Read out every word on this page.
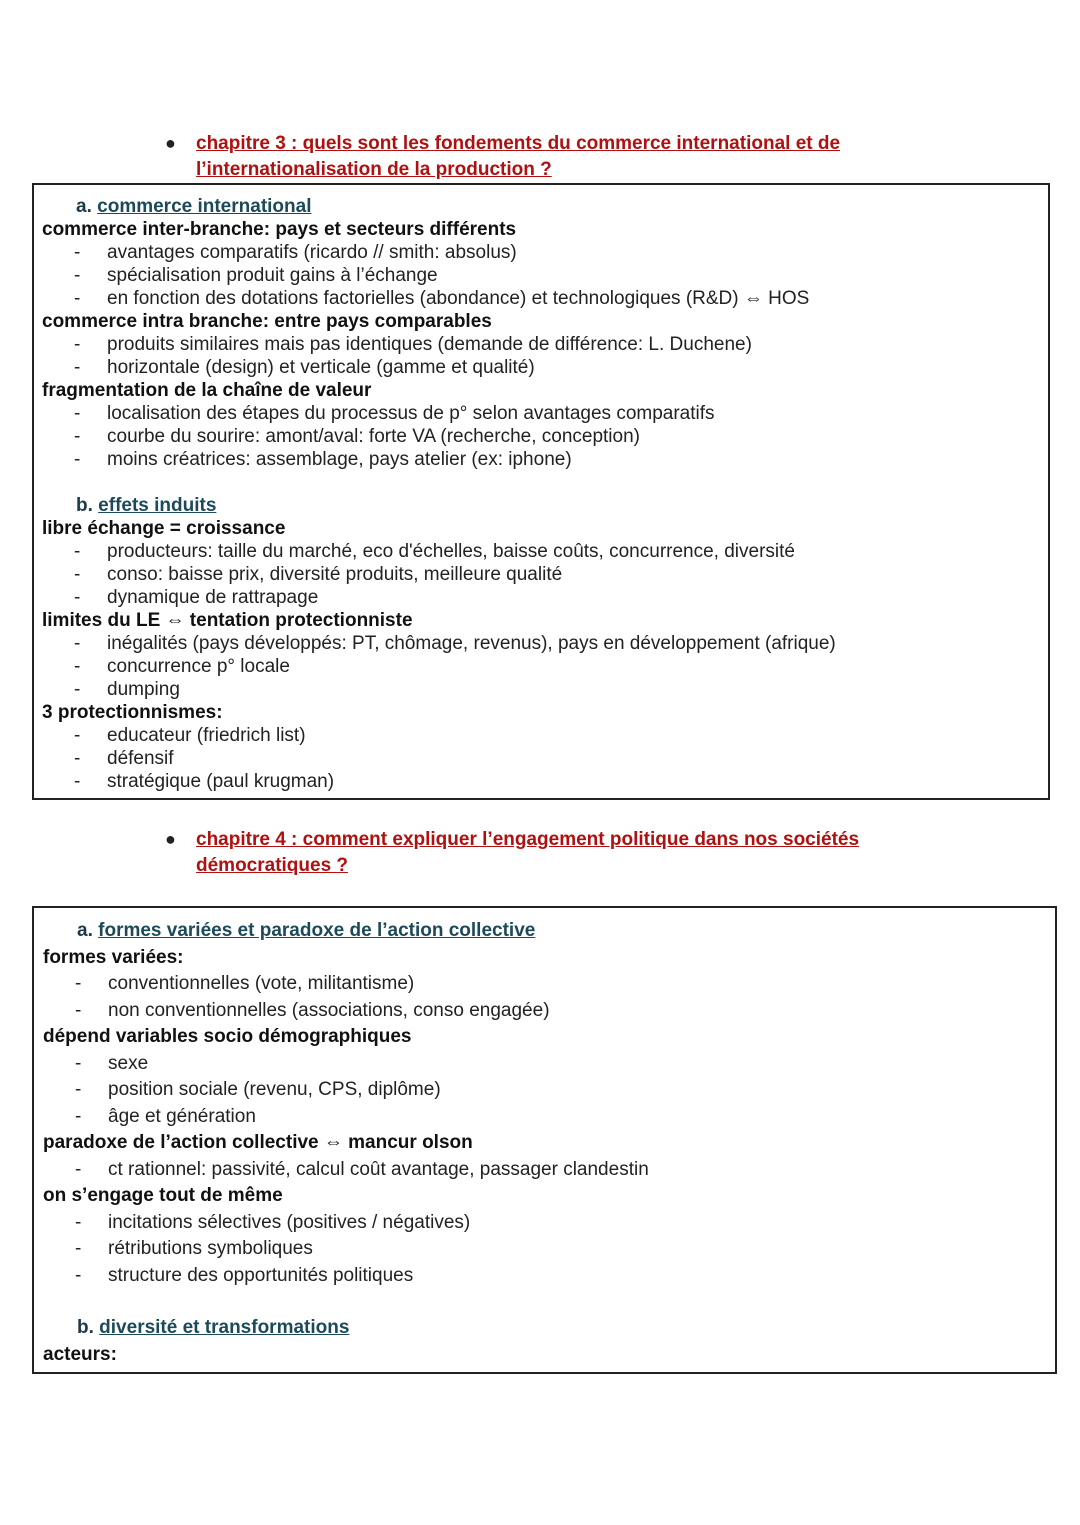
● chapitre 3 : quels sont les fondements du commerce international et de l’internationalisation de la production ?
a. commerce international
commerce inter-branche: pays et secteurs différents
- avantages comparatifs (ricardo // smith: absolus)
- spécialisation produit gains à l’échange
- en fonction des dotations factorielles (abondance) et technologiques (R&D) ⇔ HOS
commerce intra branche: entre pays comparables
- produits similaires mais pas identiques (demande de différence: L. Duchene)
- horizontale (design) et verticale (gamme et qualité)
fragmentation de la chaîne de valeur
- localisation des étapes du processus de p° selon avantages comparatifs
- courbe du sourire: amont/aval: forte VA (recherche, conception)
- moins créatrices: assemblage, pays atelier (ex: iphone)
b. effets induits
libre échange = croissance
- producteurs: taille du marché, eco d'échelles, baisse coûts, concurrence, diversité
- conso: baisse prix, diversité produits, meilleure qualité
- dynamique de rattrapage
limites du LE ⇔ tentation protectionniste
- inégalités (pays développés: PT, chômage, revenus), pays en développement (afrique)
- concurrence p° locale
- dumping
3 protectionnismes:
- educateur (friedrich list)
- défensif
- stratégique (paul krugman)
● chapitre 4 : comment expliquer l’engagement politique dans nos sociétés démocratiques ?
a. formes variées et paradoxe de l’action collective
formes variées:
- conventionnelles (vote, militantisme)
- non conventionnelles (associations, conso engagée)
dépend variables socio démographiques
- sexe
- position sociale (revenu, CPS, diplôme)
- âge et génération
paradoxe de l’action collective ⇔ mancur olson
- ct rationnel: passivité, calcul coût avantage, passager clandestin
on s’engage tout de même
- incitations sélectives (positives / négatives)
- rétributions symboliques
- structure des opportunités politiques
b. diversité et transformations
acteurs:
